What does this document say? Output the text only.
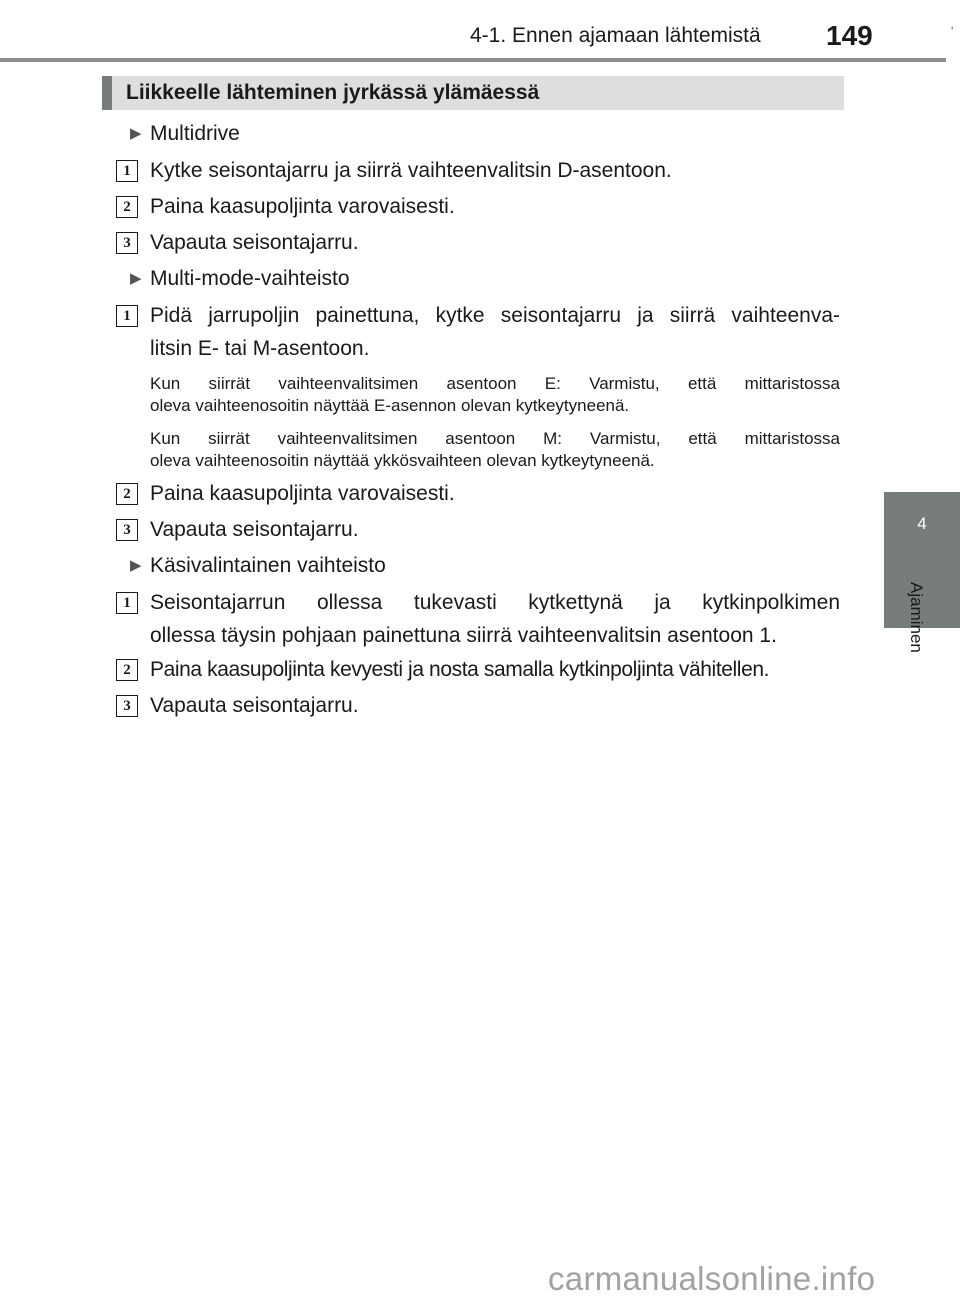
4-1. Ennen ajamaan lähtemistä 149	'
Liikkeelle lähteminen jyrkässä ylämäessä
▶ Multidrive
1 Kytke seisontajarru ja siirrä vaihteenvalitsin D-asentoon.
2 Paina kaasupoljinta varovaisesti.
3 Vapauta seisontajarru.
▶ Multi-mode-vaihteisto
1 Pidä jarrupoljin painettuna, kytke seisontajarru ja siirrä vaihteenva-
litsin E- tai M-asentoon.
Kun siirrät vaihteenvalitsimen asentoon E: Varmistu, että mittaristossa
oleva vaihteenosoitin näyttää E-asennon olevan kytkeytyneenä.
Kun siirrät vaihteenvalitsimen asentoon M: Varmistu, että mittaristossa
oleva vaihteenosoitin näyttää ykkösvaihteen olevan kytkeytyneenä.
2 Paina kaasupoljinta varovaisesti.
3 Vapauta seisontajarru.
▶ Käsivalintainen vaihteisto
1 Seisontajarrun ollessa tukevasti kytkettynä ja kytkinpolkimen
ollessa täysin pohjaan painettuna siirrä vaihteenvalitsin asentoon 1.
2 Paina kaasupoljinta kevyesti ja nosta samalla kytkinpoljinta vähitellen.
3 Vapauta seisontajarru.
4
Ajaminen
carmanualsonline.info
